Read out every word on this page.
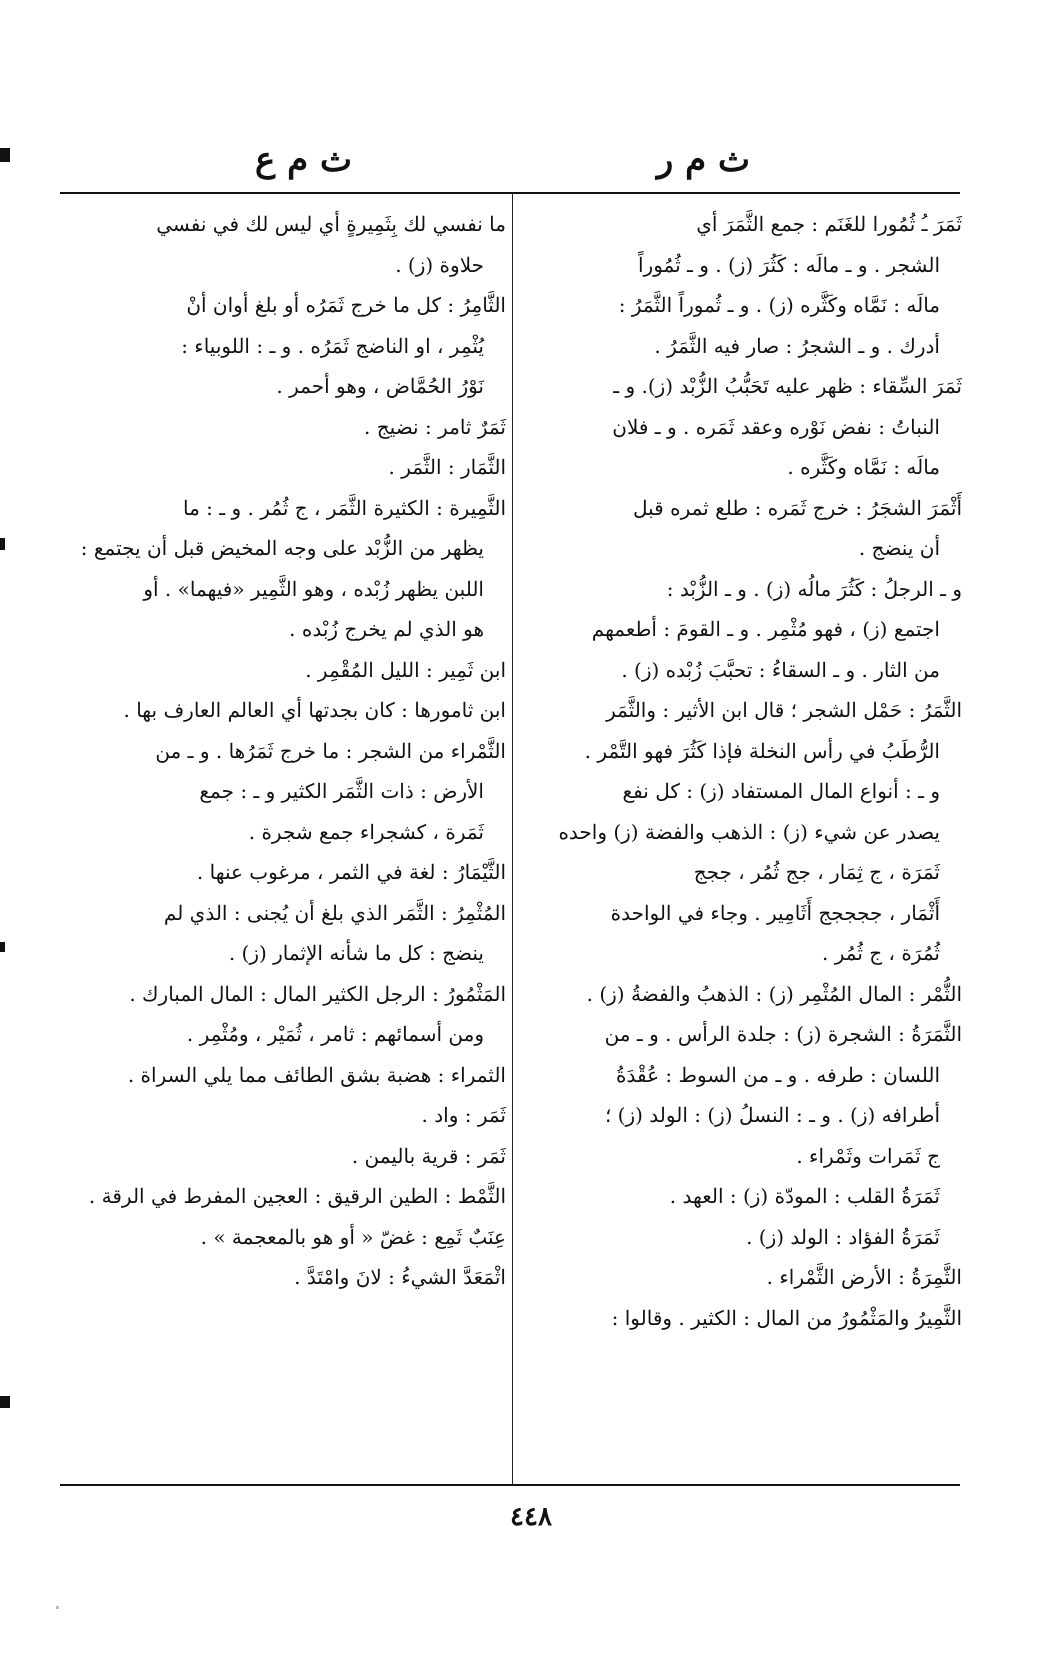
ث م ر
ث م ع
ثَمَرَ ـُ ثُمُورا للغَنَم : جمع الثَّمَرَ أي
الشجر . و ـ مالَه : كَثُرَ (ز) . و ـ ثُمُوراً
مالَه : نَمَّاه وكَثَّره (ز) . و ـ ثُموراً الثَّمَرُ :
أدرك . و ـ الشجرُ : صار فيه الثَّمَرُ .
ثَمَرَ السِّقاء : ظهر عليه تَحَبُّبُ الزُّبْد (ز). و ـ
النباتُ : نفض نَوْره وعقد ثَمَره . و ـ فلان
مالَه : نَمَّاه وكَثَّره .
أَثْمَرَ الشجَرُ : خرج ثَمَره : طلع ثمره قبل
أن ينضج .
و ـ الرجلُ : كَثُرَ مالُه (ز) . و ـ الزُّبْد :
اجتمع (ز) ، فهو مُثْمِر . و ـ القومَ : أطعمهم
من الثار . و ـ السقاءُ : تحبَّبَ زُبْده (ز) .
الثَّمَرُ : حَمْل الشجر ؛ قال ابن الأثير : والثَّمَر
الرُّطَبُ في رأس النخلة فإذا كَثُرَ فهو التَّمْر .
و ـ : أنواع المال المستفاد (ز) : كل نفع
يصدر عن شيء (ز) : الذهب والفضة (ز) واحده
ثَمَرَة ، ج ثِمَار ، جج ثُمُر ، ججج
أَثْمَار ، ججججج أَثَامِير . وجاء في الواحدة
ثُمُرَة ، ج ثُمُر .
الثُّمْر : المال المُثْمِر (ز) : الذهبُ والفضةُ (ز) .
الثَّمَرَةُ : الشجرة (ز) : جلدة الرأس . و ـ من
اللسان : طرفه . و ـ من السوط : عُقْدَةُ
أطرافه (ز) . و ـ : النسلُ (ز) : الولد (ز) ؛
ج ثَمَرات وثَمْراء .
ثَمَرَةُ القلب : المودّة (ز) : العهد .
ثَمَرَةُ الفؤاد : الولد (ز) .
الثَّمِرَةُ : الأرض الثَّمْراء .
الثَّمِيرُ والمَثْمُورُ من المال : الكثير . وقالوا :
ما نفسي لك بِثَمِيرةٍ أي ليس لك في نفسي
حلاوة (ز) .
الثَّامِرُ : كل ما خرج ثَمَرُه أو بلغ أوان أنْ
يُثْمِر ، او الناضج ثَمَرُه . و ـ : اللوبياء :
نَوْرُ الحُمَّاض ، وهو أحمر .
ثَمَرٌ ثامر : نضيج .
الثَّمَار : الثَّمَر .
الثَّمِيرة : الكثيرة الثَّمَر ، ج ثُمُر . و ـ : ما
يظهر من الزُّبْد على وجه المخيض قبل أن يجتمع :
اللبن يظهر زُبْده ، وهو الثَّمِير «فيهما» . أو
هو الذي لم يخرج زُبْده .
ابن ثَمِير : الليل المُقْمِر .
ابن ثامورها : كان بجدتها أي العالم العارف بها .
الثَّمْراء من الشجر : ما خرج ثَمَرُها . و ـ من
الأرض : ذات الثَّمَر الكثير و ـ : جمع
ثَمَرة ، كشجراء جمع شجرة .
الثَّيْمَارُ : لغة في الثمر ، مرغوب عنها .
المُثْمِرُ : الثَّمَر الذي بلغ أن يُجنى : الذي لم
ينضج : كل ما شأنه الإثمار (ز) .
المَثْمُورُ : الرجل الكثير المال : المال المبارك .
ومن أسمائهم : ثامر ، ثُمَيْر ، ومُثْمِر .
الثمراء : هضبة بشق الطائف مما يلي السراة .
ثَمَر : واد .
ثَمَر : قرية باليمن .
الثَّمْط : الطين الرقيق : العجين المفرط في الرقة .
عِنَبٌ ثَمِع : غضّ « أو هو بالمعجمة » .
اثْمَعَدَّ الشيءُ : لانَ وامْتَدَّ .
٤٤٨
